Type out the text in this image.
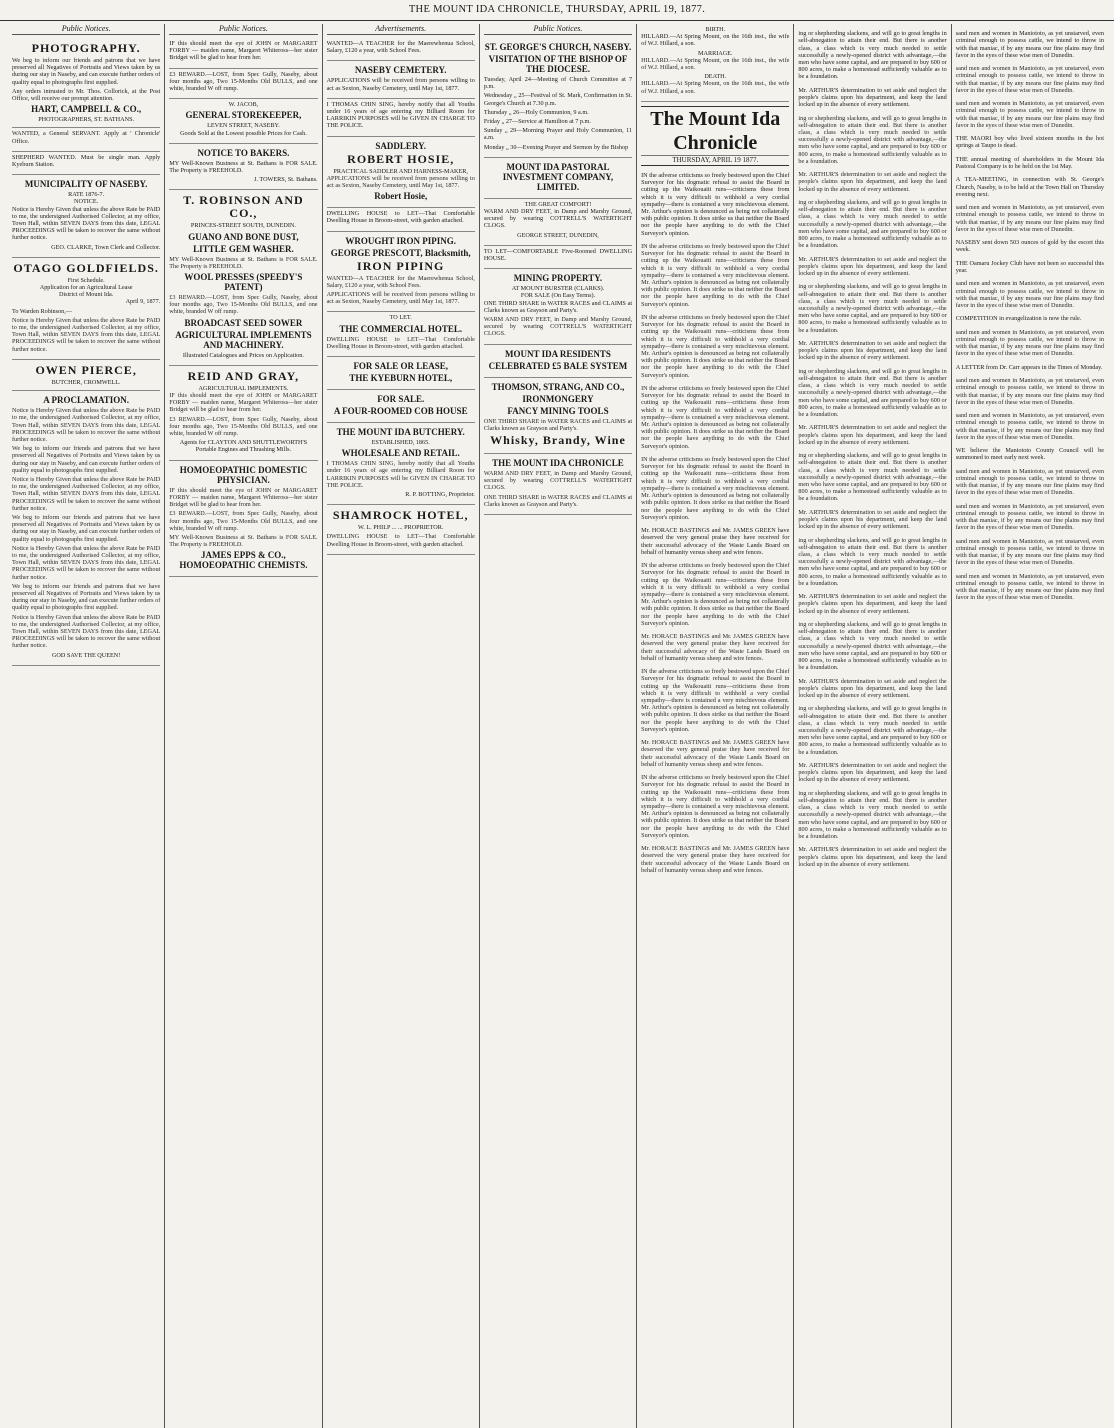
THE MOUNT IDA CHRONICLE, THURSDAY, APRIL 19, 1877.
Public Notices.
PHOTOGRAPHY.

We beg to inform our friends and patrons that we have preserved all Negatives of Portraits and Views taken by us during our stay in Naseby, and can execute further orders of quality equal to photographs first supplied.

Any orders intrusted to Mr. Thos. Collorick, at the Post Office, will receive our prompt attention.

HART, CAMPBELL & CO.,
PHOTOGRAPHERS, ST. BATHANS.

WANTED, a General SERVANT. Apply at ' Chronicle' Office.

SHEPHERD WANTED. Must be single man. Apply Kyeburn Station.

MUNICIPALITY OF NASEBY.
RATE 1876-7.
NOTICE.

Notice is Hereby Given that unless the above Rate be PAID to me, the undersigned Authorised Collector, at my office, Town Hall, within SEVEN DAYS from this date, LEGAL PROCEEDINGS will be taken to recover the same without further notice.

GEO. CLARKE, Town Clerk and Collector.

OTAGO GOLDFIELDS.
First Schedule.
Application for an Agricultural Lease
District of Mount Ida.

April 9, 1877.

To Warden Robinson,—

Notice is Hereby Given that unless the above Rate be PAID to me, the undersigned Authorised Collector, at my office, Town Hall, within SEVEN DAYS from this date, LEGAL PROCEEDINGS will be taken to recover the same without further notice.

OWEN PIERCE,
BUTCHER, CROMWELL.
A PROCLAMATION.

Notice is Hereby Given that unless the above Rate be PAID to me, the undersigned Authorised Collector, at my office, Town Hall, within SEVEN DAYS from this date, LEGAL PROCEEDINGS will be taken to recover the same without further notice.

We beg to inform our friends and patrons that we have preserved all Negatives of Portraits and Views taken by us during our stay in Naseby, and can execute further orders of quality equal to photographs first supplied.

Notice is Hereby Given that unless the above Rate be PAID to me, the undersigned Authorised Collector, at my office, Town Hall, within SEVEN DAYS from this date, LEGAL PROCEEDINGS will be taken to recover the same without further notice.

We beg to inform our friends and patrons that we have preserved all Negatives of Portraits and Views taken by us during our stay in Naseby, and can execute further orders of quality equal to photographs first supplied.

Notice is Hereby Given that unless the above Rate be PAID to me, the undersigned Authorised Collector, at my office, Town Hall, within SEVEN DAYS from this date, LEGAL PROCEEDINGS will be taken to recover the same without further notice.

We beg to inform our friends and patrons that we have preserved all Negatives of Portraits and Views taken by us during our stay in Naseby, and can execute further orders of quality equal to photographs first supplied.

Notice is Hereby Given that unless the above Rate be PAID to me, the undersigned Authorised Collector, at my office, Town Hall, within SEVEN DAYS from this date, LEGAL PROCEEDINGS will be taken to recover the same without further notice.

GOD SAVE THE QUEEN!

Public Notices.

IF this should meet the eye of JOHN or MARGARET FORBY — maiden name, Margaret Whiteross—her sister Bridget will be glad to hear from her.

£3 REWARD.—LOST, from Spec Gully, Naseby, about four months ago, Two 15-Months Old BULLS, and one white, branded W off rump.

W. JACOB,
GENERAL STOREKEEPER,
LEVEN STREET, NASEBY.

Goods Sold at the Lowest possible Prices for Cash.

NOTICE TO BAKERS.

MY Well-Known Business at St. Bathans is FOR SALE. The Property is FREEHOLD.

J. TOWERS, St. Bathans.

T. ROBINSON AND CO.,
PRINCES-STREET SOUTH, DUNEDIN.
GUANO AND BONE DUST,
LITTLE GEM WASHER.

MY Well-Known Business at St. Bathans is FOR SALE. The Property is FREEHOLD.

WOOL PRESSES (SPEEDY'S PATENT)

£3 REWARD.—LOST, from Spec Gully, Naseby, about four months ago, Two 15-Months Old BULLS, and one white, branded W off rump.

BROADCAST SEED SOWER
AGRICULTURAL IMPLEMENTS AND MACHINERY.

Illustrated Catalogues and Prices on Application.

REID AND GRAY,
AGRICULTURAL IMPLEMENTS.

IF this should meet the eye of JOHN or MARGARET FORBY — maiden name, Margaret Whiteross—her sister Bridget will be glad to hear from her.

£3 REWARD.—LOST, from Spec Gully, Naseby, about four months ago, Two 15-Months Old BULLS, and one white, branded W off rump.

Agents for CLAYTON AND SHUTTLEWORTH'S Portable Engines and Thrashing Mills.

HOMOEOPATHIC DOMESTIC PHYSICIAN.

IF this should meet the eye of JOHN or MARGARET FORBY — maiden name, Margaret Whiteross—her sister Bridget will be glad to hear from her.

£3 REWARD.—LOST, from Spec Gully, Naseby, about four months ago, Two 15-Months Old BULLS, and one white, branded W off rump.

MY Well-Known Business at St. Bathans is FOR SALE. The Property is FREEHOLD.

JAMES EPPS & CO., HOMOEOPATHIC CHEMISTS.
Advertisements.

WANTED—A TEACHER for the Maerewhenua School, Salary, £120 a year, with School Fees.

NASEBY CEMETERY.

APPLICATIONS will be received from persons willing to act as Sexton, Naseby Cemetery, until May 1st, 1877.

I THOMAS CHIN SING, hereby notify that all Youths under 16 years of age entering my Billiard Room for LARRIKIN PURPOSES will be GIVEN IN CHARGE TO THE POLICE.

SADDLERY.
ROBERT HOSIE,
PRACTICAL SADDLER AND HARNESS-MAKER,

APPLICATIONS will be received from persons willing to act as Sexton, Naseby Cemetery, until May 1st, 1877.

Robert Hosie,

DWELLING HOUSE to LET—That Comfortable Dwelling House in Broom-street, with garden attached.

WROUGHT IRON PIPING.
GEORGE PRESCOTT, Blacksmith,
IRON PIPING

WANTED—A TEACHER for the Maerewhenua School, Salary, £120 a year, with School Fees.

APPLICATIONS will be received from persons willing to act as Sexton, Naseby Cemetery, until May 1st, 1877.

TO LET.
THE COMMERCIAL HOTEL.

DWELLING HOUSE to LET—That Comfortable Dwelling House in Broom-street, with garden attached.

FOR SALE OR LEASE,
THE KYEBURN HOTEL,
FOR SALE.
A FOUR-ROOMED COB HOUSE
THE MOUNT IDA BUTCHERY.
ESTABLISHED, 1865.
WHOLESALE AND RETAIL.

I THOMAS CHIN SING, hereby notify that all Youths under 16 years of age entering my Billiard Room for LARRIKIN PURPOSES will be GIVEN IN CHARGE TO THE POLICE.

R. P. BOTTING, Proprietor.

SHAMROCK HOTEL,

W. L. PHILP ... ... PROPRIETOR.

DWELLING HOUSE to LET—That Comfortable Dwelling House in Broom-street, with garden attached.

Public Notices.
ST. GEORGE'S CHURCH, NASEBY.
VISITATION OF THE BISHOP OF THE DIOCESE.

Tuesday, April 24—Meeting of Church Committee at 7 p.m.

Wednesday „ 25—Festival of St. Mark, Confirmation in St. George's Church at 7.30 p.m.

Thursday „ 26—Holy Communion, 9 a.m.

Friday „ 27—Service at Hamilton at 7 p.m.

Sunday „ 29—Morning Prayer and Holy Communion, 11 a.m.

Monday „ 30—Evening Prayer and Sermon by the Bishop

MOUNT IDA PASTORAL INVESTMENT COMPANY, LIMITED.
THE GREAT COMFORT!

WARM AND DRY FEET, in Damp and Marshy Ground, secured by wearing COTTRELL'S WATERTIGHT CLOGS.

GEORGE STREET, DUNEDIN,

TO LET—COMFORTABLE Five-Roomed DWELLING HOUSE.

MINING PROPERTY.
AT MOUNT BURSTER (CLARKS).
FOR SALE (On Easy Terms).

ONE THIRD SHARE in WATER RACES and CLAIMS at Clarks known as Grayson and Party's.

WARM AND DRY FEET, in Damp and Marshy Ground, secured by wearing COTTRELL'S WATERTIGHT CLOGS.

MOUNT IDA RESIDENTS
CELEBRATED £5 BALE SYSTEM
THOMSON, STRANG, AND CO.,
IRONMONGERY
FANCY MINING TOOLS

ONE THIRD SHARE in WATER RACES and CLAIMS at Clarks known as Grayson and Party's.

Whisky, Brandy, Wine
THE MOUNT IDA CHRONICLE

WARM AND DRY FEET, in Damp and Marshy Ground, secured by wearing COTTRELL'S WATERTIGHT CLOGS.

ONE THIRD SHARE in WATER RACES and CLAIMS at Clarks known as Grayson and Party's.

BIRTH.

HILLARD.—At Spring Mount, on the 16th inst., the wife of W.J. Hillard, a son.

MARRIAGE.

HILLARD.—At Spring Mount, on the 16th inst., the wife of W.J. Hillard, a son.

DEATH.

HILLARD.—At Spring Mount, on the 16th inst., the wife of W.J. Hillard, a son.

The Mount Ida Chronicle
THURSDAY, APRIL 19 1877.

IN the adverse criticisms so freely bestowed upon the Chief Surveyor for his dogmatic refusal to assist the Board in cutting up the Waikouaiti runs—criticisms these from which it is very difficult to withhold a very cordial sympathy—there is contained a very mischievous element. Mr. Arthur's opinion is denounced as being not collaterally with public opinion. It does strike us that neither the Board nor the people have anything to do with the Chief Surveyor's opinion.

IN the adverse criticisms so freely bestowed upon the Chief Surveyor for his dogmatic refusal to assist the Board in cutting up the Waikouaiti runs—criticisms these from which it is very difficult to withhold a very cordial sympathy—there is contained a very mischievous element. Mr. Arthur's opinion is denounced as being not collaterally with public opinion. It does strike us that neither the Board nor the people have anything to do with the Chief Surveyor's opinion.

IN the adverse criticisms so freely bestowed upon the Chief Surveyor for his dogmatic refusal to assist the Board in cutting up the Waikouaiti runs—criticisms these from which it is very difficult to withhold a very cordial sympathy—there is contained a very mischievous element. Mr. Arthur's opinion is denounced as being not collaterally with public opinion. It does strike us that neither the Board nor the people have anything to do with the Chief Surveyor's opinion.

IN the adverse criticisms so freely bestowed upon the Chief Surveyor for his dogmatic refusal to assist the Board in cutting up the Waikouaiti runs—criticisms these from which it is very difficult to withhold a very cordial sympathy—there is contained a very mischievous element. Mr. Arthur's opinion is denounced as being not collaterally with public opinion. It does strike us that neither the Board nor the people have anything to do with the Chief Surveyor's opinion.

IN the adverse criticisms so freely bestowed upon the Chief Surveyor for his dogmatic refusal to assist the Board in cutting up the Waikouaiti runs—criticisms these from which it is very difficult to withhold a very cordial sympathy—there is contained a very mischievous element. Mr. Arthur's opinion is denounced as being not collaterally with public opinion. It does strike us that neither the Board nor the people have anything to do with the Chief Surveyor's opinion.

Mr. HORACE BASTINGS and Mr. JAMES GREEN have deserved the very general praise they have received for their successful advocacy of the Waste Lands Board on behalf of humanity versus sheep and wire fences.

IN the adverse criticisms so freely bestowed upon the Chief Surveyor for his dogmatic refusal to assist the Board in cutting up the Waikouaiti runs—criticisms these from which it is very difficult to withhold a very cordial sympathy—there is contained a very mischievous element. Mr. Arthur's opinion is denounced as being not collaterally with public opinion. It does strike us that neither the Board nor the people have anything to do with the Chief Surveyor's opinion.

Mr. HORACE BASTINGS and Mr. JAMES GREEN have deserved the very general praise they have received for their successful advocacy of the Waste Lands Board on behalf of humanity versus sheep and wire fences.

IN the adverse criticisms so freely bestowed upon the Chief Surveyor for his dogmatic refusal to assist the Board in cutting up the Waikouaiti runs—criticisms these from which it is very difficult to withhold a very cordial sympathy—there is contained a very mischievous element. Mr. Arthur's opinion is denounced as being not collaterally with public opinion. It does strike us that neither the Board nor the people have anything to do with the Chief Surveyor's opinion.

Mr. HORACE BASTINGS and Mr. JAMES GREEN have deserved the very general praise they have received for their successful advocacy of the Waste Lands Board on behalf of humanity versus sheep and wire fences.

IN the adverse criticisms so freely bestowed upon the Chief Surveyor for his dogmatic refusal to assist the Board in cutting up the Waikouaiti runs—criticisms these from which it is very difficult to withhold a very cordial sympathy—there is contained a very mischievous element. Mr. Arthur's opinion is denounced as being not collaterally with public opinion. It does strike us that neither the Board nor the people have anything to do with the Chief Surveyor's opinion.

Mr. HORACE BASTINGS and Mr. JAMES GREEN have deserved the very general praise they have received for their successful advocacy of the Waste Lands Board on behalf of humanity versus sheep and wire fences.

ing or shepherding slackens, and will go to great lengths in self-abnegation to attain their end. But there is another class, a class which is very much needed to settle successfully a newly-opened district with advantage,—the men who have some capital, and are prepared to buy 600 or 800 acres, to make a homestead sufficiently valuable as to be a foundation.

Mr. ARTHUR'S determination to set aside and neglect the people's claims upon his department, and keep the land locked up in the absence of every settlement.

ing or shepherding slackens, and will go to great lengths in self-abnegation to attain their end. But there is another class, a class which is very much needed to settle successfully a newly-opened district with advantage,—the men who have some capital, and are prepared to buy 600 or 800 acres, to make a homestead sufficiently valuable as to be a foundation.

Mr. ARTHUR'S determination to set aside and neglect the people's claims upon his department, and keep the land locked up in the absence of every settlement.

ing or shepherding slackens, and will go to great lengths in self-abnegation to attain their end. But there is another class, a class which is very much needed to settle successfully a newly-opened district with advantage,—the men who have some capital, and are prepared to buy 600 or 800 acres, to make a homestead sufficiently valuable as to be a foundation.

Mr. ARTHUR'S determination to set aside and neglect the people's claims upon his department, and keep the land locked up in the absence of every settlement.

ing or shepherding slackens, and will go to great lengths in self-abnegation to attain their end. But there is another class, a class which is very much needed to settle successfully a newly-opened district with advantage,—the men who have some capital, and are prepared to buy 600 or 800 acres, to make a homestead sufficiently valuable as to be a foundation.

Mr. ARTHUR'S determination to set aside and neglect the people's claims upon his department, and keep the land locked up in the absence of every settlement.

ing or shepherding slackens, and will go to great lengths in self-abnegation to attain their end. But there is another class, a class which is very much needed to settle successfully a newly-opened district with advantage,—the men who have some capital, and are prepared to buy 600 or 800 acres, to make a homestead sufficiently valuable as to be a foundation.

Mr. ARTHUR'S determination to set aside and neglect the people's claims upon his department, and keep the land locked up in the absence of every settlement.

ing or shepherding slackens, and will go to great lengths in self-abnegation to attain their end. But there is another class, a class which is very much needed to settle successfully a newly-opened district with advantage,—the men who have some capital, and are prepared to buy 600 or 800 acres, to make a homestead sufficiently valuable as to be a foundation.

Mr. ARTHUR'S determination to set aside and neglect the people's claims upon his department, and keep the land locked up in the absence of every settlement.

ing or shepherding slackens, and will go to great lengths in self-abnegation to attain their end. But there is another class, a class which is very much needed to settle successfully a newly-opened district with advantage,—the men who have some capital, and are prepared to buy 600 or 800 acres, to make a homestead sufficiently valuable as to be a foundation.

Mr. ARTHUR'S determination to set aside and neglect the people's claims upon his department, and keep the land locked up in the absence of every settlement.

ing or shepherding slackens, and will go to great lengths in self-abnegation to attain their end. But there is another class, a class which is very much needed to settle successfully a newly-opened district with advantage,—the men who have some capital, and are prepared to buy 600 or 800 acres, to make a homestead sufficiently valuable as to be a foundation.

Mr. ARTHUR'S determination to set aside and neglect the people's claims upon his department, and keep the land locked up in the absence of every settlement.

ing or shepherding slackens, and will go to great lengths in self-abnegation to attain their end. But there is another class, a class which is very much needed to settle successfully a newly-opened district with advantage,—the men who have some capital, and are prepared to buy 600 or 800 acres, to make a homestead sufficiently valuable as to be a foundation.

Mr. ARTHUR'S determination to set aside and neglect the people's claims upon his department, and keep the land locked up in the absence of every settlement.

ing or shepherding slackens, and will go to great lengths in self-abnegation to attain their end. But there is another class, a class which is very much needed to settle successfully a newly-opened district with advantage,—the men who have some capital, and are prepared to buy 600 or 800 acres, to make a homestead sufficiently valuable as to be a foundation.

Mr. ARTHUR'S determination to set aside and neglect the people's claims upon his department, and keep the land locked up in the absence of every settlement.

sand men and women in Maniototo, as yet unstarved, even criminal enough to possess cattle, we intend to throw in with that maniac, if by any means our fine plains may find favor in the eyes of these wise men of Dunedin.

sand men and women in Maniototo, as yet unstarved, even criminal enough to possess cattle, we intend to throw in with that maniac, if by any means our fine plains may find favor in the eyes of these wise men of Dunedin.

sand men and women in Maniototo, as yet unstarved, even criminal enough to possess cattle, we intend to throw in with that maniac, if by any means our fine plains may find favor in the eyes of these wise men of Dunedin.

THE MAORI boy who lived sixteen months in the hot springs at Taupo is dead.

THE annual meeting of shareholders in the Mount Ida Pastoral Company is to be held on the 1st May.

A TEA-MEETING, in connection with St. George's Church, Naseby, is to be held at the Town Hall on Thursday evening next.

sand men and women in Maniototo, as yet unstarved, even criminal enough to possess cattle, we intend to throw in with that maniac, if by any means our fine plains may find favor in the eyes of these wise men of Dunedin.

NASEBY sent down 503 ounces of gold by the escort this week.

THE Oamaru Jockey Club have not been so successful this year.

sand men and women in Maniototo, as yet unstarved, even criminal enough to possess cattle, we intend to throw in with that maniac, if by any means our fine plains may find favor in the eyes of these wise men of Dunedin.

COMPETITION in evangelization is now the rule.

sand men and women in Maniototo, as yet unstarved, even criminal enough to possess cattle, we intend to throw in with that maniac, if by any means our fine plains may find favor in the eyes of these wise men of Dunedin.

A LETTER from Dr. Carr appears in the Times of Monday.

sand men and women in Maniototo, as yet unstarved, even criminal enough to possess cattle, we intend to throw in with that maniac, if by any means our fine plains may find favor in the eyes of these wise men of Dunedin.

sand men and women in Maniototo, as yet unstarved, even criminal enough to possess cattle, we intend to throw in with that maniac, if by any means our fine plains may find favor in the eyes of these wise men of Dunedin.

WE believe the Maniototo County Council will be summoned to meet early next week.

sand men and women in Maniototo, as yet unstarved, even criminal enough to possess cattle, we intend to throw in with that maniac, if by any means our fine plains may find favor in the eyes of these wise men of Dunedin.

sand men and women in Maniototo, as yet unstarved, even criminal enough to possess cattle, we intend to throw in with that maniac, if by any means our fine plains may find favor in the eyes of these wise men of Dunedin.

sand men and women in Maniototo, as yet unstarved, even criminal enough to possess cattle, we intend to throw in with that maniac, if by any means our fine plains may find favor in the eyes of these wise men of Dunedin.

sand men and women in Maniototo, as yet unstarved, even criminal enough to possess cattle, we intend to throw in with that maniac, if by any means our fine plains may find favor in the eyes of these wise men of Dunedin.
